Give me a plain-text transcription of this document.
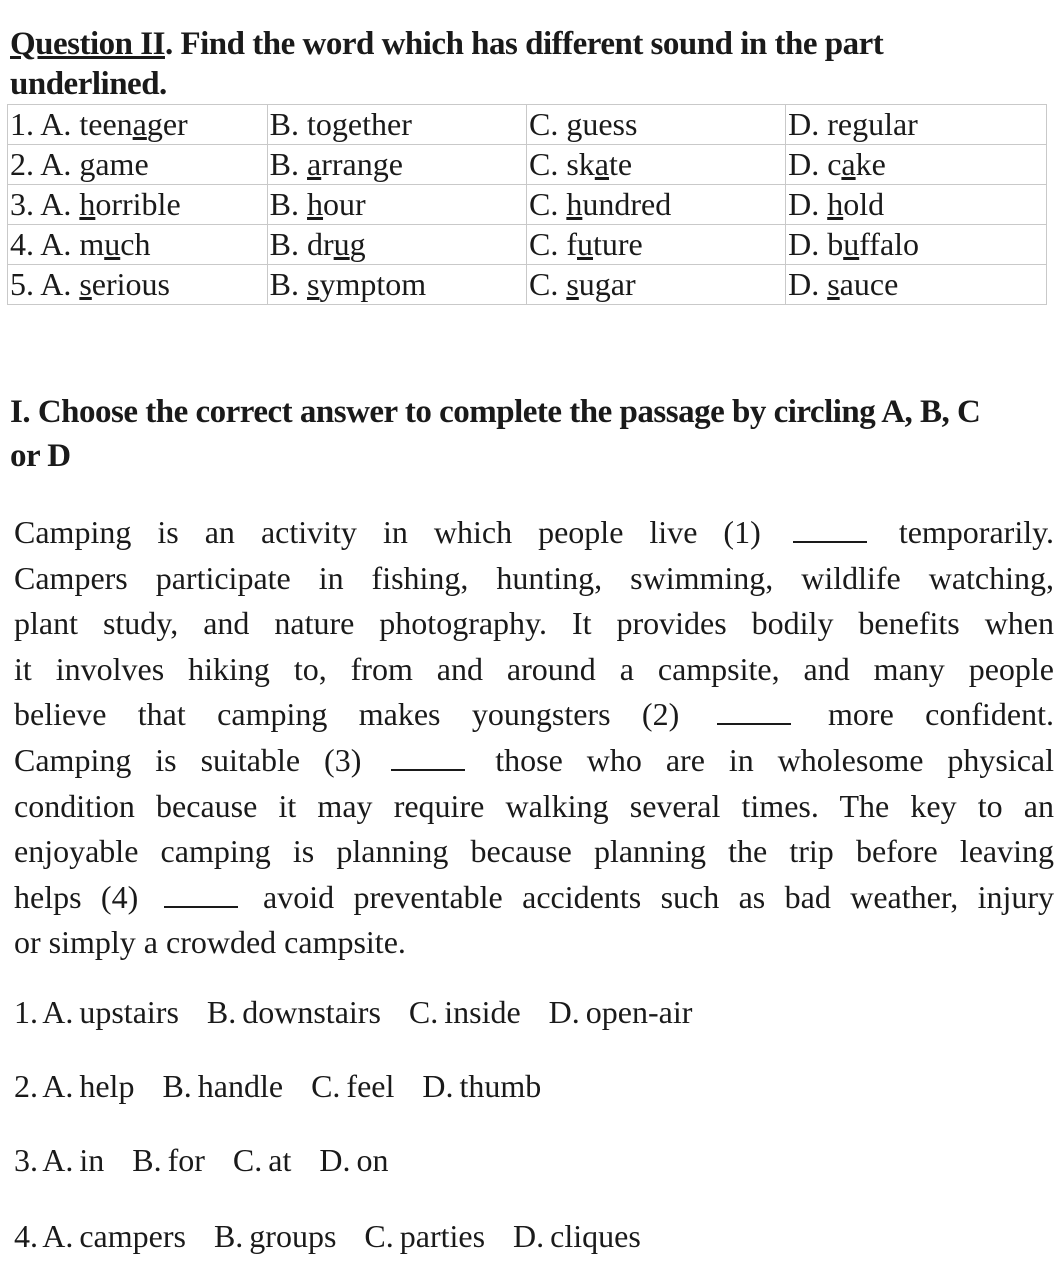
Question II. Find the word which has different sound in the part
underlined.
1. A. teenager	B. together	C. guess	D. regular
2. A. game	B. arrange	C. skate	D. cake
3. A. horrible	B. hour	C. hundred	D. hold
4. A. much	B. drug	C. future	D. buffalo
5. A. serious	B. symptom	C. sugar	D. sauce
I. Choose the correct answer to complete the passage by circling A, B, C
or D
Camping is an activity in which people live (1)	temporarily.
Campers participate in fishing, hunting, swimming, wildlife watching,
plant study, and nature photography. It provides bodily benefits when
it involves hiking to, from and around a campsite, and many people
believe that camping makes youngsters (2)	more confident.
Camping is suitable (3)	those who are in wholesome physical
condition because it may require walking several times. The key to an
enjoyable camping is planning because planning the trip before leaving
helps (4)	avoid preventable accidents such as bad weather, injury
or simply a crowded campsite.
1. A. upstairs B. downstairs C. inside D. open-air
2. A. help B. handle C. feel D. thumb
3. A. in B. for C. at D. on
4. A. campers B. groups C. parties D. cliques
